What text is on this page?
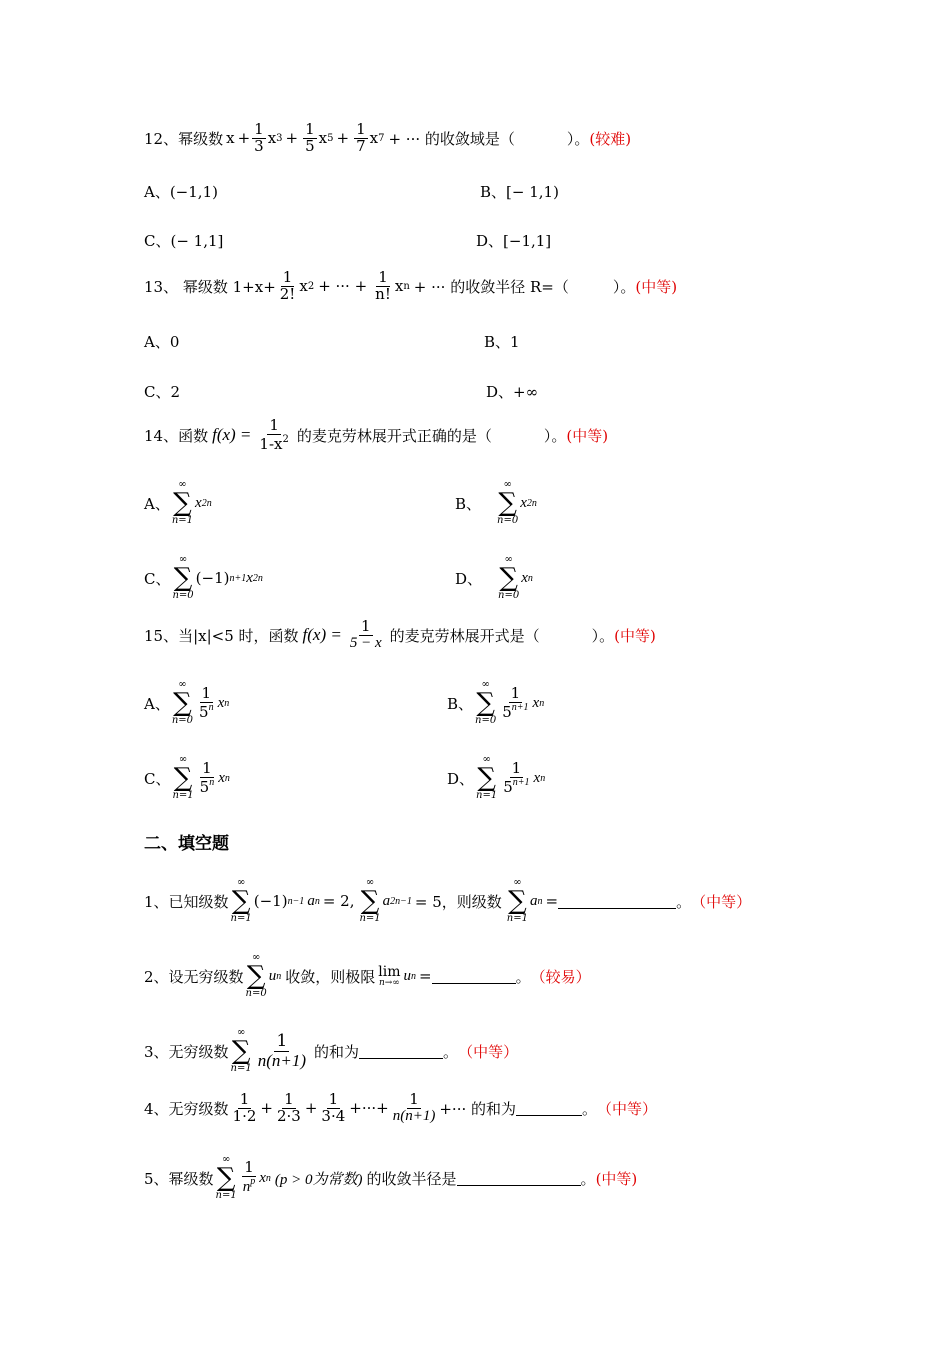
12、幂级数 $x + \frac{1}{3}$ x $3 + \frac{1}{5}$ x $5 + \frac{1}{7}$ x 7 + ··· 的收敛域是（	）。 (较难)
A、(−1,1)	B、[− 1,1)
C、(− 1,1]	D、[−1,1]
13、 幂级数 $1+x+ \frac{1}{2!}$ x 2 + ··· + $\frac{1}{n!}$ x n + ··· 的收敛半径 R=（	）。 (中等)
A、0	B、1
C、2	D、+∞
14、函数 $f(x) = \frac{1}{1-x^2}$ 的麦克劳林展开式正确的是（	）。 (中等)
A、
∞
∑
n=1
x 2n	B、
∞
∑
n=0
x 2n
C、
∞
∑
n=0
(−1) n+1 x 2n	D、
∞
∑
n=0
x n
15、当|x|<5 时，函数 $f(x) = \frac{1}{5 - x}$ 的麦克劳林展开式是（	）。 (中等)
A、
∞
∑
n=0
$\frac{1}{5^n}$ x n	B、
∞
∑
n=0
$\frac{1}{5^{n+1}}$ x n
C、
∞
∑
n=1
$\frac{1}{5^n}$ x n	D、
∞
∑
n=1
$\frac{1}{5^{n+1}}$ x n
二、填空题
1、已知级数
∞
∑
n=1
(−1) n−1 a n = 2,
∞
∑
n=1
a 2n−1 = 5，则级数
∞
∑
n=1
a n =	。 （中等）
2、设无穷级数
∞
∑
n=0
u n 收敛，则极限 lim
n→∞ u n =	。 （较易）
3、无穷级数
∞
∑
$n=1 \frac{1}{n(n+1)}$ 的和为	。 （中等）
4、无穷级数 $\frac{1}{1\cdot 2} + \frac{1}{2\cdot 3} + \frac{1}{3\cdot 4}$ +···+ $\frac{1}{n(n+1)}$ +··· 的和为	。 （中等）
5、幂级数
∞
∑
$n=1 \frac{1}{n^p}$ x n (p > 0为常数) 的收敛半径是	。 (中等)
